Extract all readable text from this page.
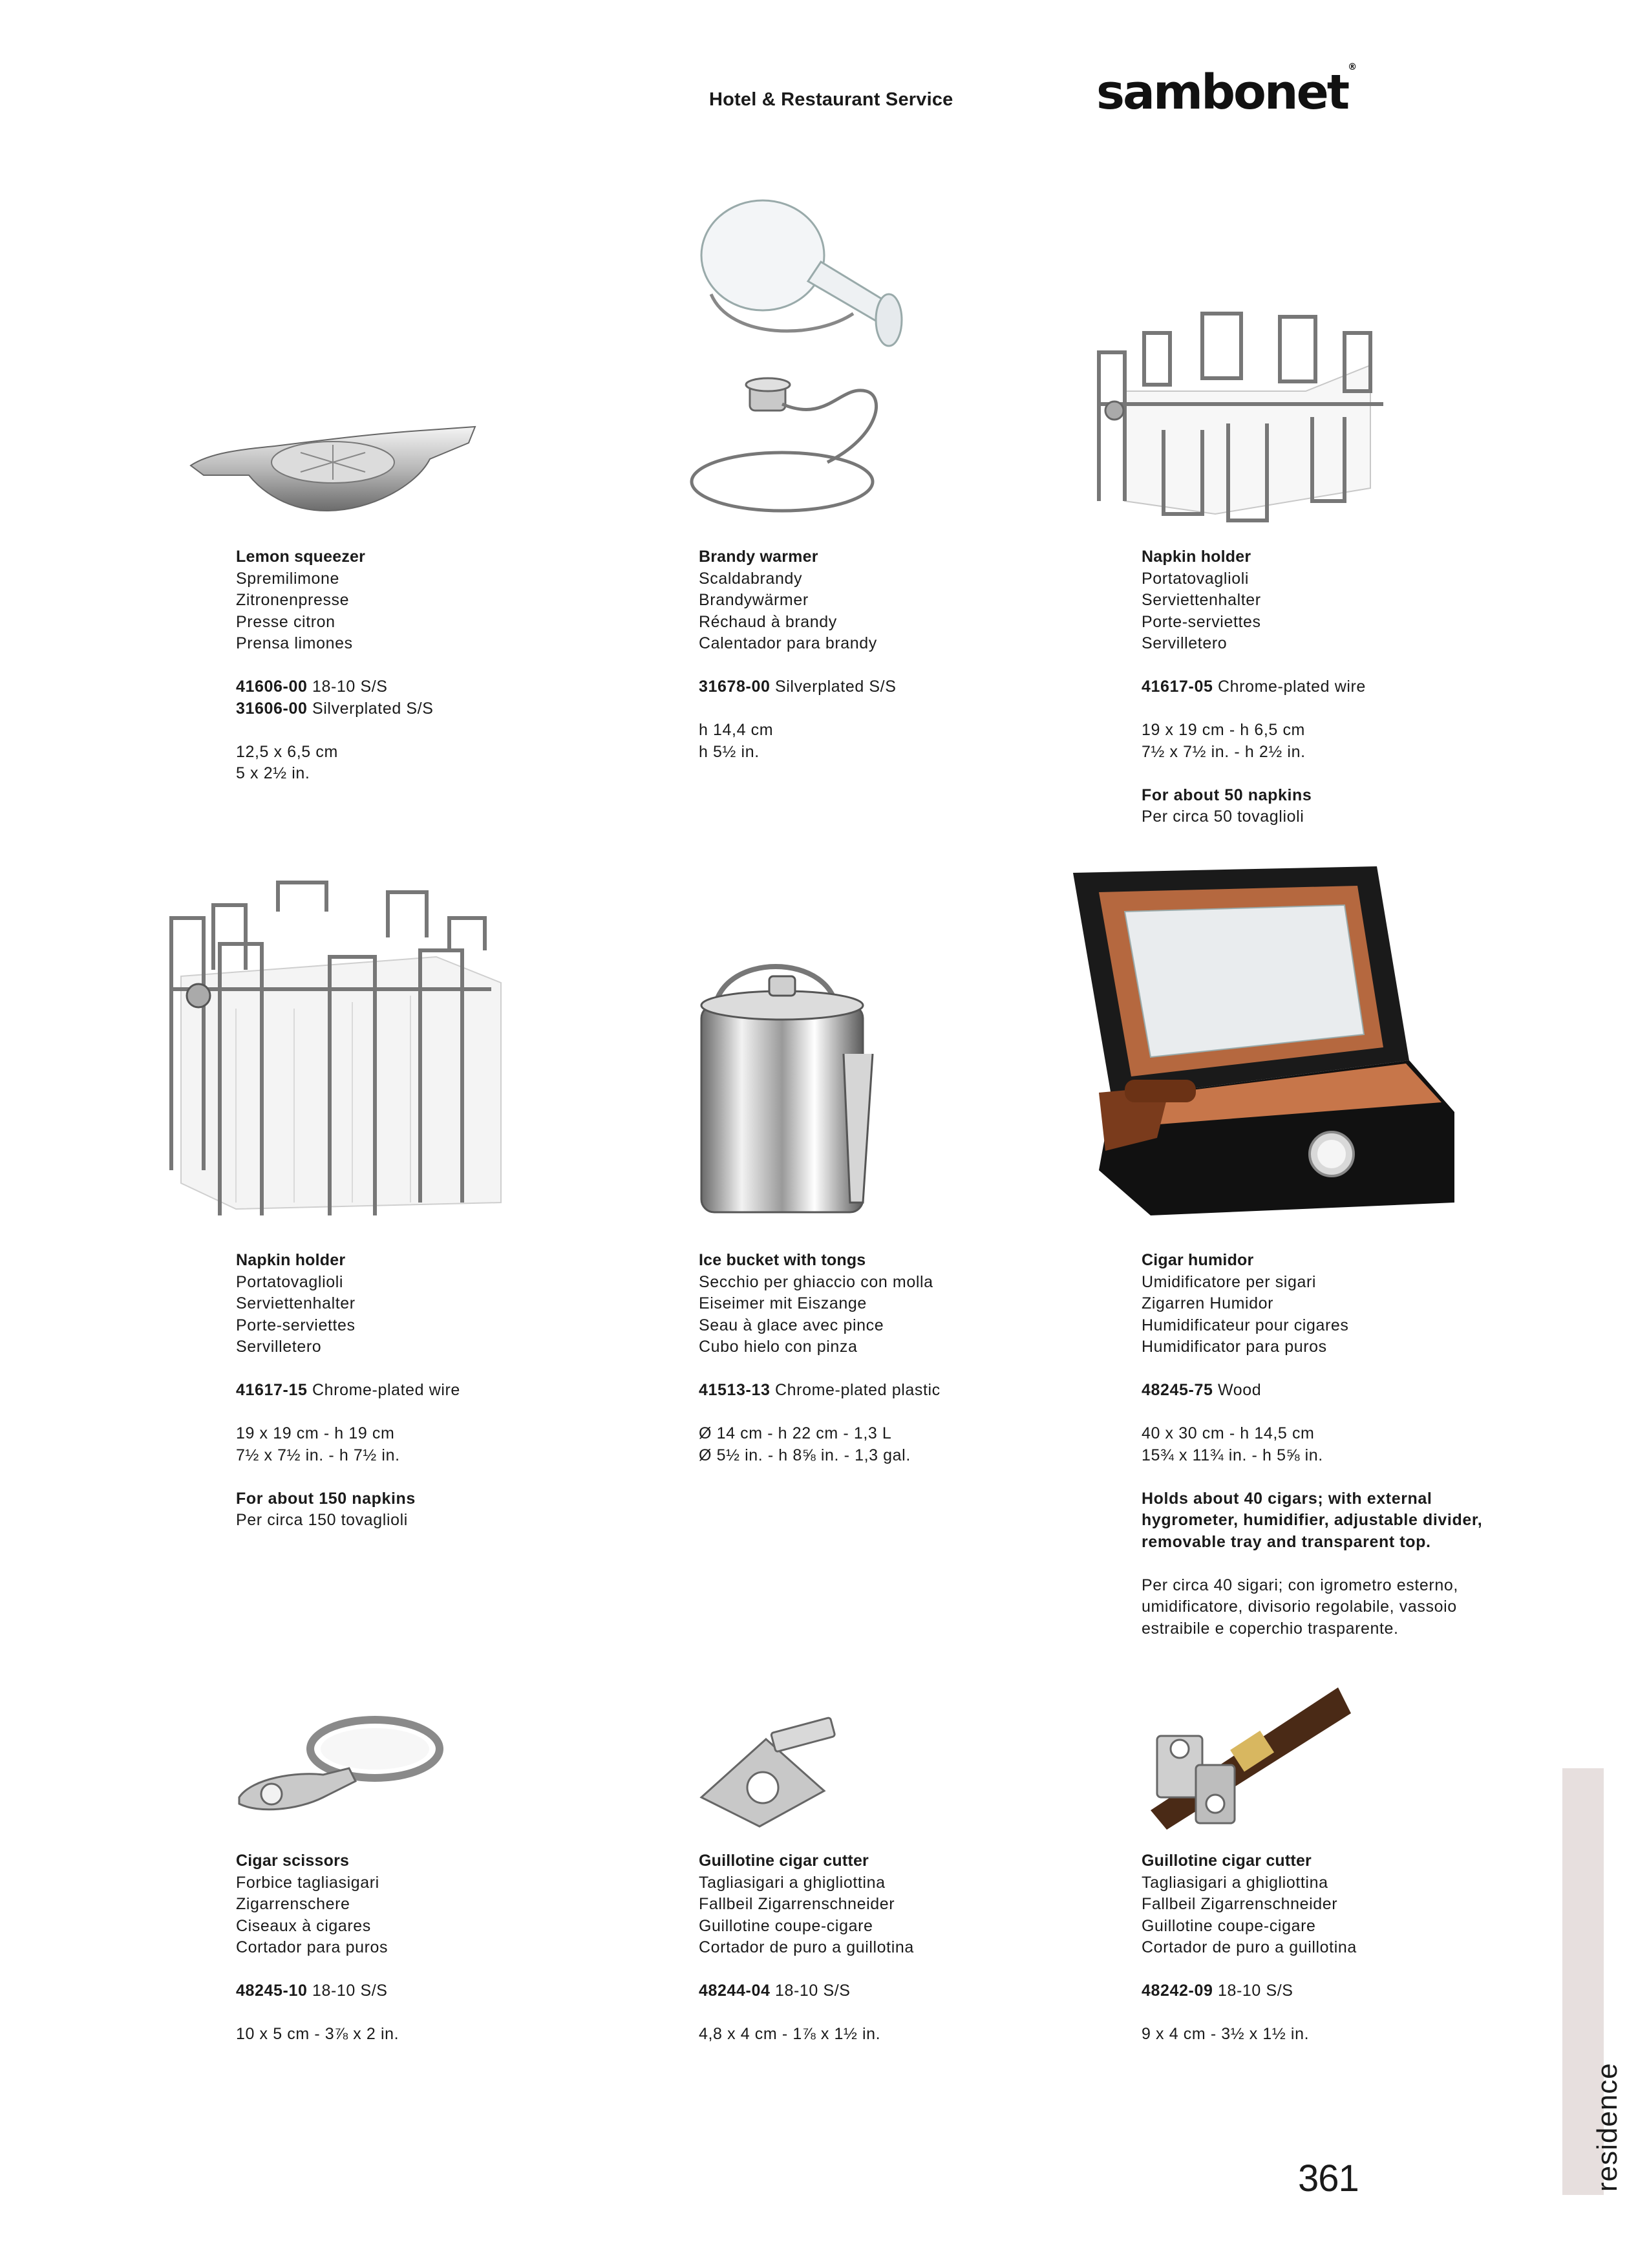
Hotel & Restaurant Service	sambonet®
Lemon squeezer
Spremilimone
Zitronenpresse
Presse citron
Prensa limones
41606-00 18-10 S/S
31606-00 Silverplated S/S
12,5 x 6,5 cm
5 x 2½ in.
Brandy warmer
Scaldabrandy
Brandywärmer
Réchaud à brandy
Calentador para brandy
31678-00 Silverplated S/S
h 14,4 cm
h 5½ in.
Napkin holder
Portatovaglioli
Serviettenhalter
Porte-serviettes
Servilletero
41617-05 Chrome-plated wire
19 x 19 cm - h 6,5 cm
7½ x 7½ in. - h 2½ in.
For about 50 napkins
Per circa 50 tovaglioli
Napkin holder
Portatovaglioli
Serviettenhalter
Porte-serviettes
Servilletero
41617-15 Chrome-plated wire
19 x 19 cm - h 19 cm
7½ x 7½ in. - h 7½ in.
For about 150 napkins
Per circa 150 tovaglioli
Ice bucket with tongs
Secchio per ghiaccio con molla
Eiseimer mit Eiszange
Seau à glace avec pince
Cubo hielo con pinza
41513-13 Chrome-plated plastic
Ø 14 cm - h 22 cm - 1,3 L
Ø 5½ in. - h 8⅝ in. - 1,3 gal.
Cigar humidor
Umidificatore per sigari
Zigarren Humidor
Humidificateur pour cigares
Humidificator para puros
48245-75 Wood
40 x 30 cm - h 14,5 cm
15¾ x 11¾ in. - h 5⅝ in.
Holds about 40 cigars; with external hygrometer, humidifier, adjustable divider, removable tray and transparent top.
Per circa 40 sigari; con igrometro esterno, umidificatore, divisorio regolabile, vassoio estraibile e coperchio trasparente.
Cigar scissors
Forbice tagliasigari
Zigarrenschere
Ciseaux à cigares
Cortador para puros
48245-10 18-10 S/S
10 x 5 cm - 3⅞ x 2 in.
Guillotine cigar cutter
Tagliasigari a ghigliottina
Fallbeil Zigarrenschneider
Guillotine coupe-cigare
Cortador de puro a guillotina
48244-04 18-10 S/S
4,8 x 4 cm - 1⅞ x 1½ in.
Guillotine cigar cutter
Tagliasigari a ghigliottina
Fallbeil Zigarrenschneider
Guillotine coupe-cigare
Cortador de puro a guillotina
48242-09 18-10 S/S
9 x 4 cm - 3½ x 1½ in.
residence
361
